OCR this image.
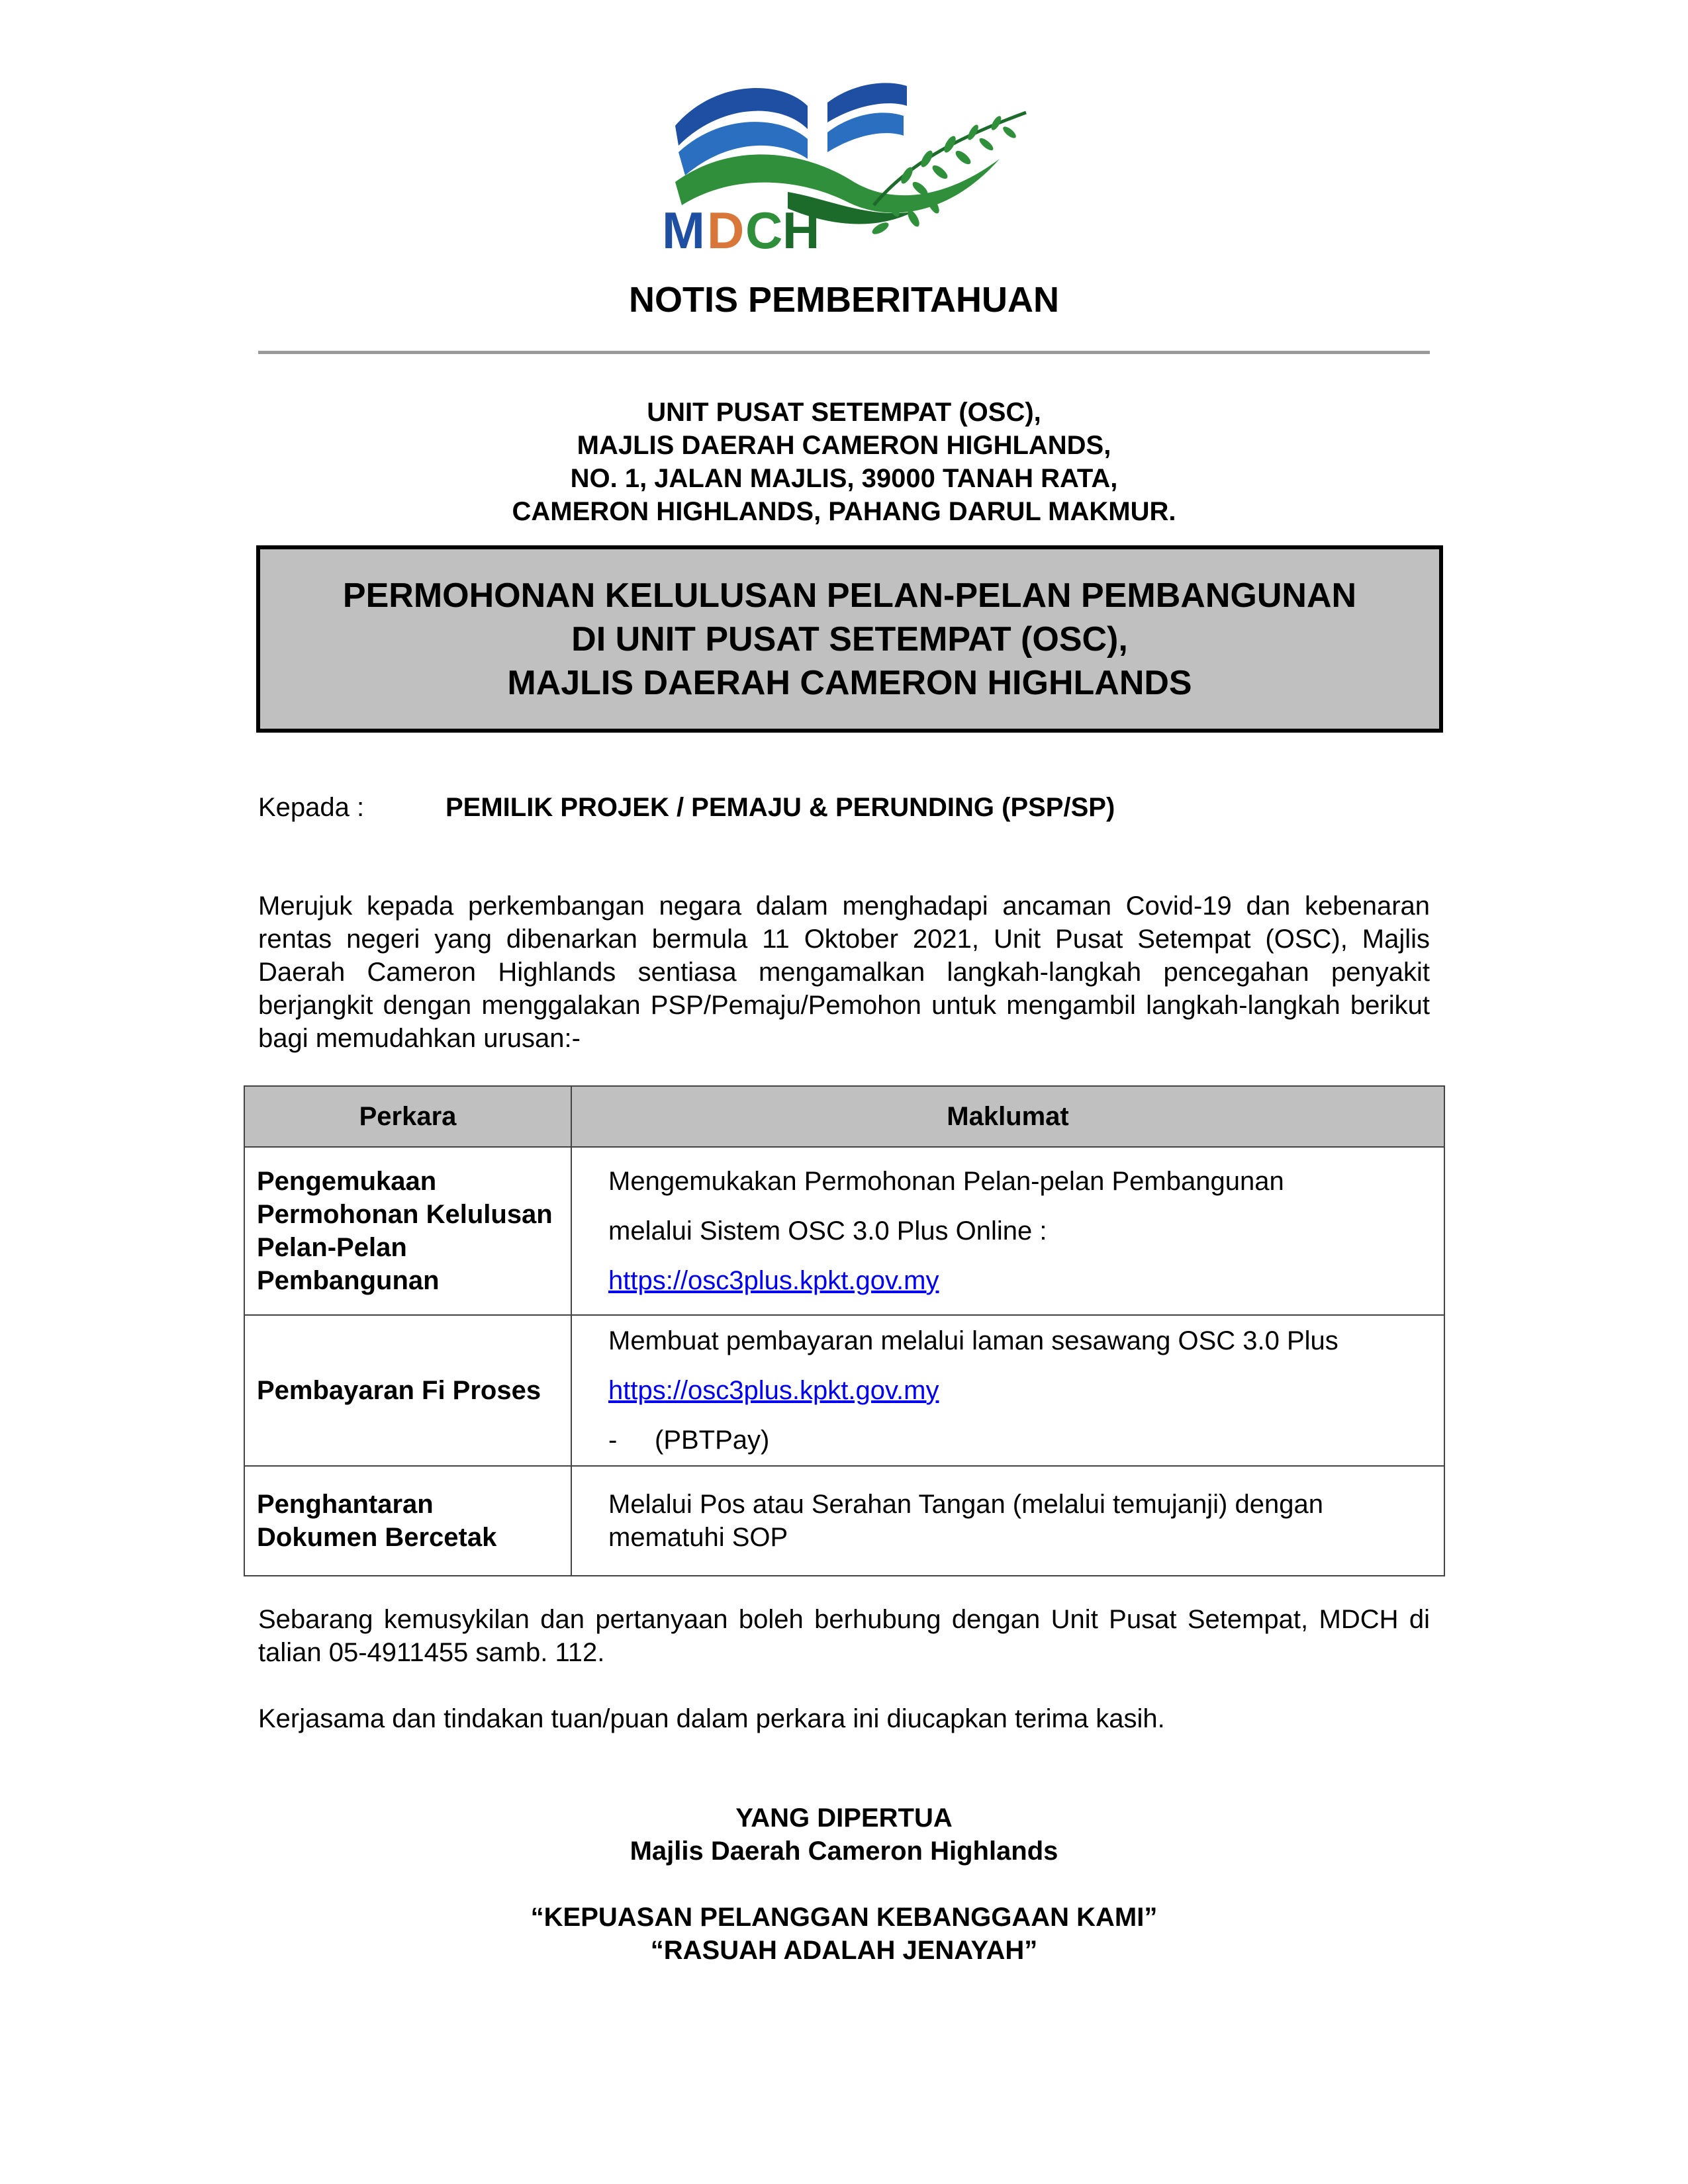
M D C H
NOTIS PEMBERITAHUAN
UNIT PUSAT SETEMPAT (OSC),
MAJLIS DAERAH CAMERON HIGHLANDS,
NO. 1, JALAN MAJLIS, 39000 TANAH RATA,
CAMERON HIGHLANDS, PAHANG DARUL MAKMUR.
PERMOHONAN KELULUSAN PELAN-PELAN PEMBANGUNAN
DI UNIT PUSAT SETEMPAT (OSC),
MAJLIS DAERAH CAMERON HIGHLANDS
Kepada :	PEMILIK PROJEK / PEMAJU & PERUNDING (PSP/SP)

Merujuk kepada perkembangan negara dalam menghadapi ancaman Covid-19 dan kebenaran rentas negeri yang dibenarkan bermula 11 Oktober 2021, Unit Pusat Setempat (OSC), Majlis Daerah Cameron Highlands sentiasa mengamalkan langkah-langkah pencegahan penyakit berjangkit dengan menggalakan PSP/Pemaju/Pemohon untuk mengambil langkah-langkah berikut bagi memudahkan urusan:-

Perkara	Maklumat
Pengemukaan Permohonan Kelulusan Pelan-Pelan Pembangunan	Mengemukakan Permohonan Pelan-pelan Pembangunan
melalui Sistem OSC 3.0 Plus Online :
https://osc3plus.kpkt.gov.my

Pembayaran Fi Proses	Membuat pembayaran melalui laman sesawang OSC 3.0 Plus
https://osc3plus.kpkt.gov.my
- (PBTPay)

Penghantaran Dokumen Bercetak	Melalui Pos atau Serahan Tangan (melalui temujanji) dengan mematuhi SOP

Sebarang kemusykilan dan pertanyaan boleh berhubung dengan Unit Pusat Setempat, MDCH di talian 05-4911455 samb. 112.

Kerjasama dan tindakan tuan/puan dalam perkara ini diucapkan terima kasih.

YANG DIPERTUA
Majlis Daerah Cameron Highlands
“KEPUASAN PELANGGAN KEBANGGAAN KAMI”
“RASUAH ADALAH JENAYAH”
